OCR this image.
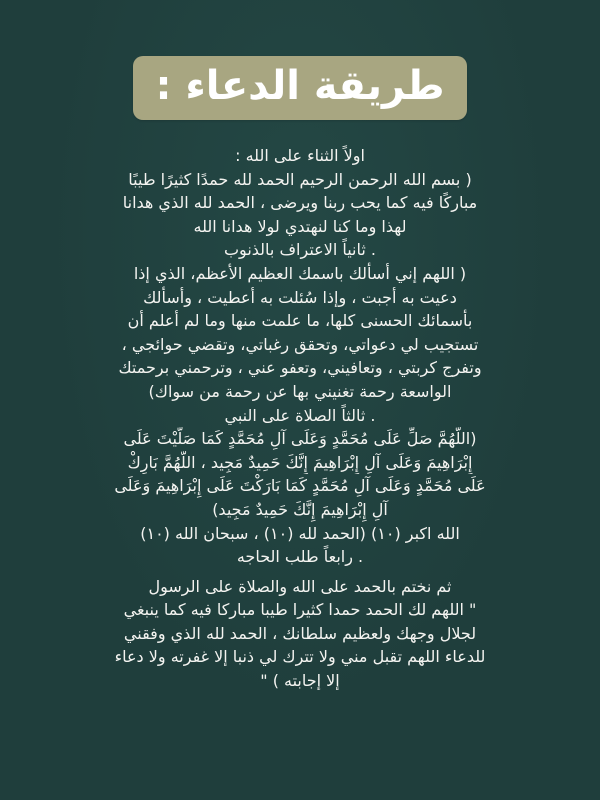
طريقة الدعاء :
اولاً الثناء على الله :
( بسم الله الرحمن الرحيم الحمد لله حمدًا كثيرًا طيبًا
مباركًا فيه كما يحب ربنا ويرضى ، الحمد لله الذي هدانا
لهذا وما كنا لنهتدي لولا هدانا الله
. ثانياً الاعتراف بالذنوب
( اللهم إني أسألك باسمك العظيم الأعظم، الذي إذا
دعيت به أجبت ، وإذا سُئلت به أعطيت ، وأسألك
بأسمائك الحسنى كلها، ما علمت منها وما لم أعلم أن
تستجيب لي دعواتي، وتحقق رغباتي، وتقضي حوائجي ،
وتفرج كربتي ، وتعافيني، وتعفو عني ، وترحمني برحمتك
الواسعة رحمة تغنيني بها عن رحمة من سواك)
. ثالثاً الصلاة على النبي
(اللَّهُمَّ صَلِّ عَلَى مُحَمَّدٍ وَعَلَى آلِ مُحَمَّدٍ كَمَا صَلَّيْتَ عَلَى
إِبْرَاهِيمَ وَعَلَى آلِ إِبْرَاهِيمَ إِنَّكَ حَمِيدٌ مَجِيد ، اللَّهُمَّ بَارِكْ
عَلَى مُحَمَّدٍ وَعَلَى آلِ مُحَمَّدٍ كَمَا بَارَكْتَ عَلَى إِبْرَاهِيمَ وَعَلَى
آلِ إِبْرَاهِيمَ إِنَّكَ حَمِيدٌ مَجِيد)
الله اكبر (١٠) (الحمد لله (١٠) ، سبحان الله (١٠)
. رابعاً طلب الحاجه
ثم نختم بالحمد على الله والصلاة على الرسول
" اللهم لك الحمد حمدا كثيرا طيبا مباركا فيه كما ينبغي
لجلال وجهك ولعظيم سلطانك ، الحمد لله الذي وفقني
للدعاء اللهم تقبل مني ولا تترك لي ذنبا إلا غفرته ولا دعاء
إلا إجابته ) "
